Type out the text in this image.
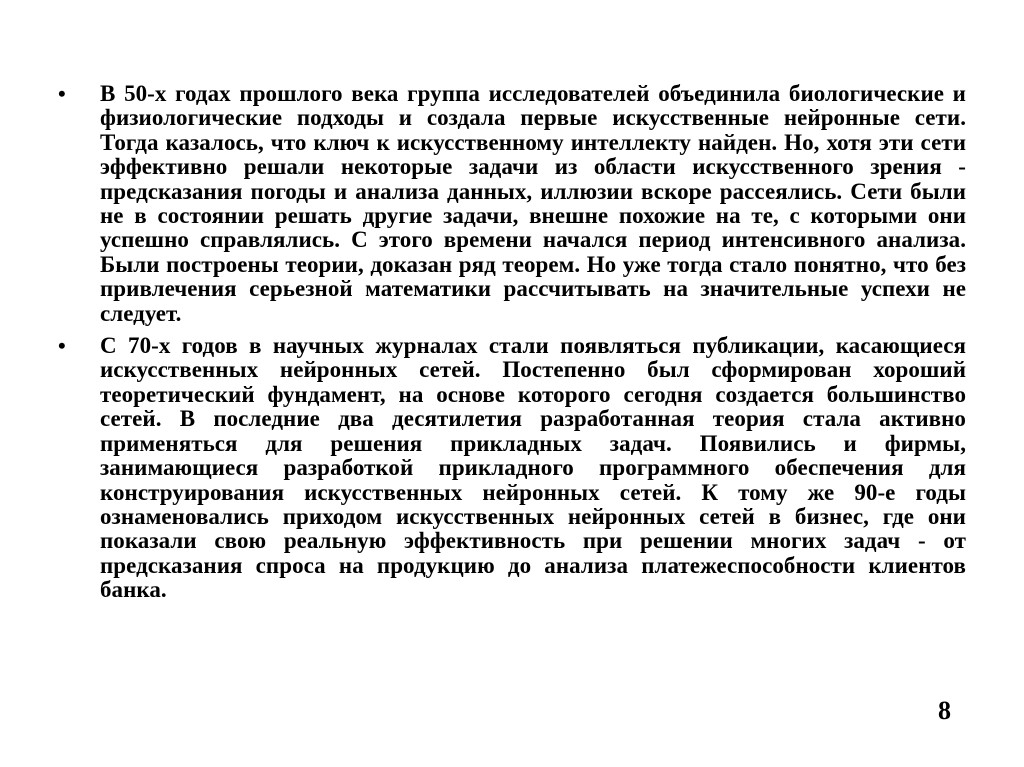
•	В 50-х годах прошлого века группа исследователей объединила биологические и физиологические подходы и создала первые искусственные нейронные сети. Тогда казалось, что ключ к искусственному интеллекту найден. Но, хотя эти сети эффективно решали некоторые задачи из области искусственного зрения - предсказания погоды и анализа данных, иллюзии вскоре рассеялись. Сети были не в состоянии решать другие задачи, внешне похожие на те, с которыми они успешно справлялись. С этого времени начался период интенсивного анализа. Были построены теории, доказан ряд теорем. Но уже тогда стало понятно, что без привлечения серьезной математики рассчитывать на значительные успехи не следует.
•	С 70-х годов в научных журналах стали появляться публикации, касающиеся искусственных нейронных сетей. Постепенно был сформирован хороший теоретический фундамент, на основе которого сегодня создается большинство сетей. В последние два десятилетия разработанная теория стала активно применяться для решения прикладных задач. Появились и фирмы, занимающиеся разработкой прикладного программного обеспечения для конструирования искусственных нейронных сетей. К тому же 90-е годы ознаменовались приходом искусственных нейронных сетей в бизнес, где они показали свою реальную эффективность при решении многих задач - от предсказания спроса на продукцию до анализа платежеспособности клиентов банка.
8
